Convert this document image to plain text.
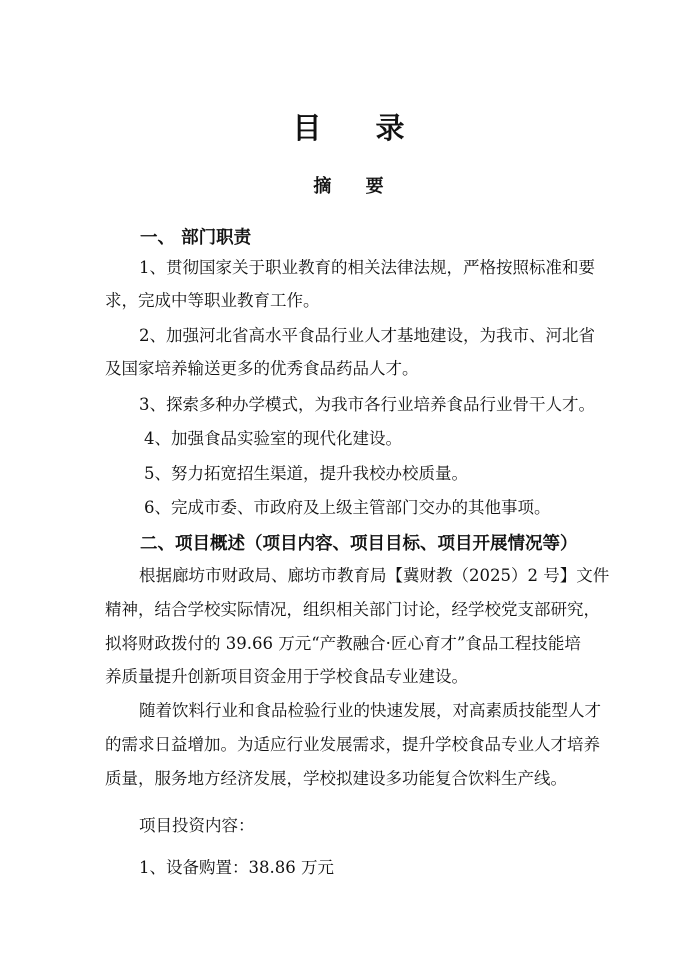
目 录
摘 要
一、 部门职责
1、贯彻国家关于职业教育的相关法律法规，严格按照标准和要
求，完成中等职业教育工作。
2、加强河北省高水平食品行业人才基地建设，为我市、河北省
及国家培养输送更多的优秀食品药品人才。
3、探索多种办学模式，为我市各行业培养食品行业骨干人才。
4、加强食品实验室的现代化建设。
5、努力拓宽招生渠道，提升我校办校质量。
6、完成市委、市政府及上级主管部门交办的其他事项。
二、项目概述（项目内容、项目目标、项目开展情况等）
根据廊坊市财政局、廊坊市教育局【冀财教（2025）2 号】文件
精神，结合学校实际情况，组织相关部门讨论，经学校党支部研究，
拟将财政拨付的 39.66 万元“产教融合·匠心育才”食品工程技能培
养质量提升创新项目资金用于学校食品专业建设。
随着饮料行业和食品检验行业的快速发展，对高素质技能型人才
的需求日益增加。为适应行业发展需求，提升学校食品专业人才培养
质量，服务地方经济发展，学校拟建设多功能复合饮料生产线。
项目投资内容：
1、设备购置：38.86 万元
